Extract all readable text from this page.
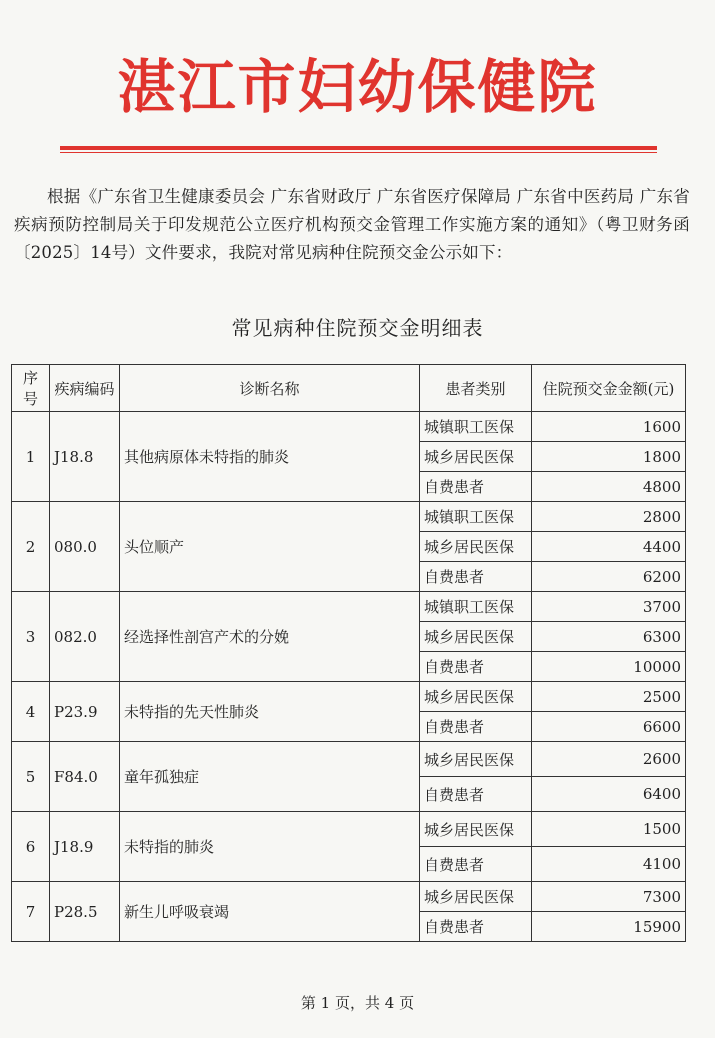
湛江市妇幼保健院
根据《广东省卫生健康委员会 广东省财政厅 广东省医疗保障局 广东省中医药局 广东省疾病预防控制局关于印发规范公立医疗机构预交金管理工作实施方案的通知》（粤卫财务函〔2025〕14号）文件要求，我院对常见病种住院预交金公示如下：
常见病种住院预交金明细表
序号	疾病编码	诊断名称	患者类别	住院预交金金额(元)
1	J18.8	其他病原体未特指的肺炎	城镇职工医保	1600
			城乡居民医保	1800
			自费患者	4800
2	080.0	头位顺产	城镇职工医保	2800
			城乡居民医保	4400
			自费患者	6200
3	082.0	经选择性剖宫产术的分娩	城镇职工医保	3700
			城乡居民医保	6300
			自费患者	10000
4	P23.9	未特指的先天性肺炎	城乡居民医保	2500
			自费患者	6600
5	F84.0	童年孤独症	城乡居民医保	2600
			自费患者	6400
6	J18.9	未特指的肺炎	城乡居民医保	1500
			自费患者	4100
7	P28.5	新生儿呼吸衰竭	城乡居民医保	7300
			自费患者	15900
第 1 页，共 4 页
